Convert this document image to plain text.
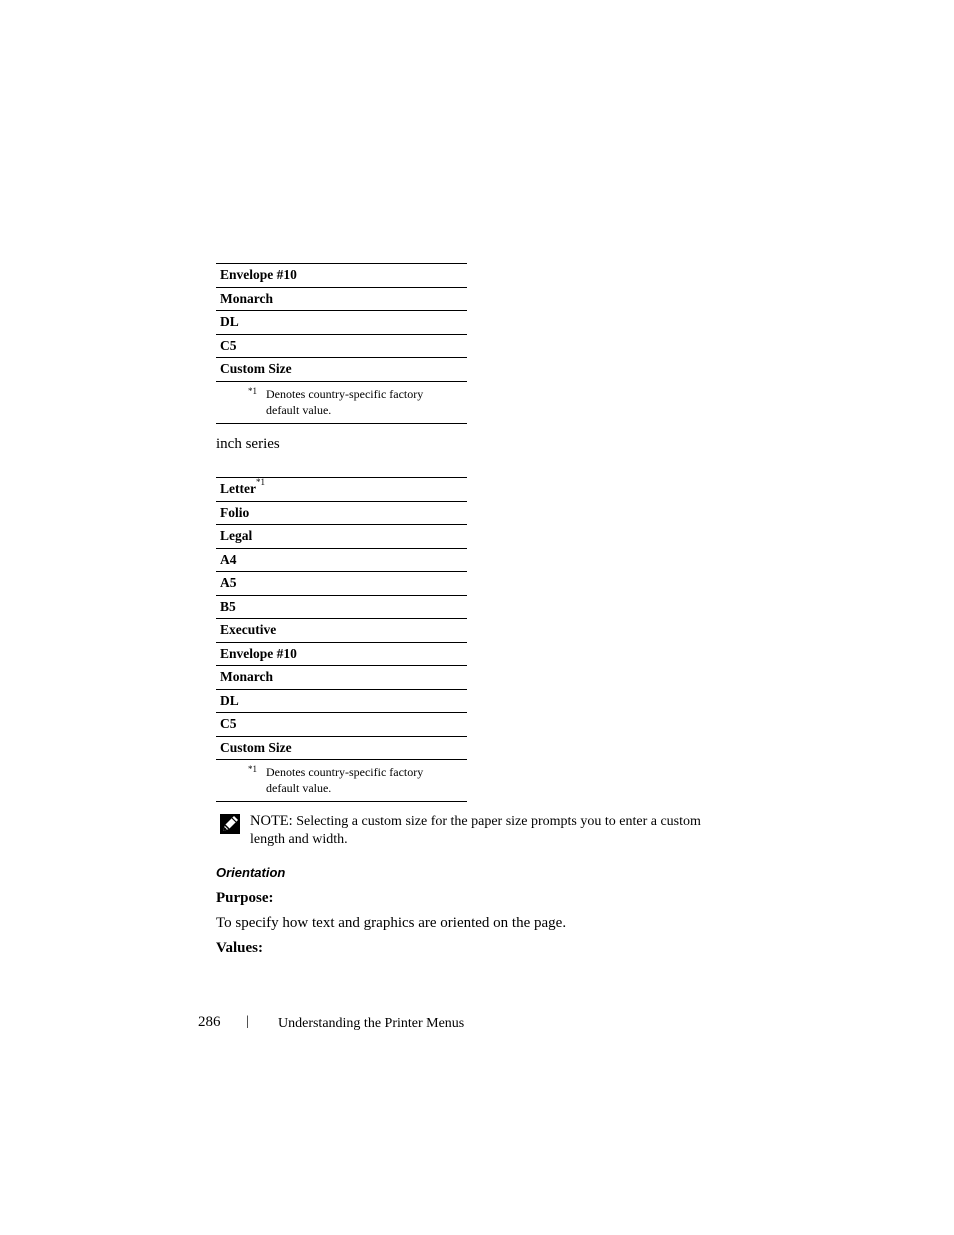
Envelope #10
Monarch
DL
C5
Custom Size
*1 Denotes country-specific factory default value.
inch series
Letter$^{*1}$
Folio
Legal
A4
A5
B5
Executive
Envelope #10
Monarch
DL
C5
Custom Size
*1 Denotes country-specific factory default value.
NOTE: Selecting a custom size for the paper size prompts you to enter a custom length and width.
Orientation
Purpose:
To specify how text and graphics are oriented on the page.
Values:
286 | Understanding the Printer Menus
